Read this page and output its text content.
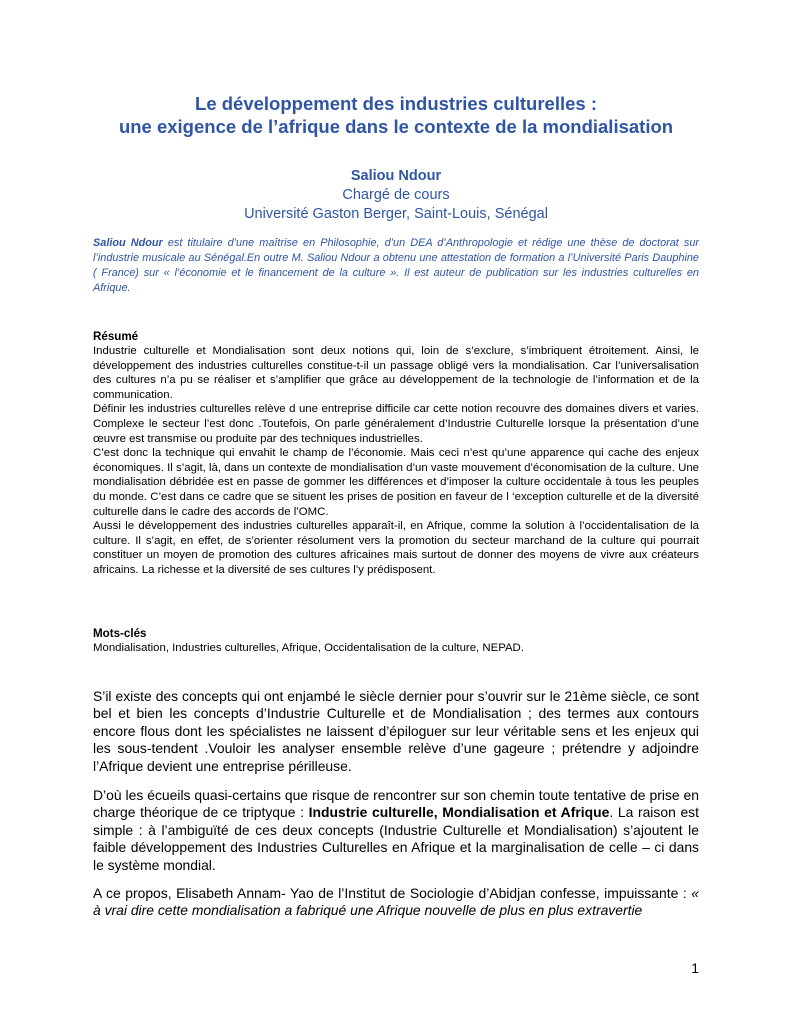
Le développement des industries culturelles :
une exigence de l’afrique dans le contexte de la mondialisation

Saliou Ndour

Chargé de cours

Université Gaston Berger, Saint-Louis, Sénégal

Saliou Ndour est titulaire d’une maîtrise en Philosophie, d’un DEA d’Anthropologie et rédige une thèse de doctorat sur l’industrie musicale au Sénégal.En outre M. Saliou Ndour a obtenu une attestation de formation a l’Université Paris Dauphine ( France) sur « l’économie et le financement de la culture ». Il est auteur de publication sur les industries culturelles en Afrique.

Résumé

Industrie culturelle et Mondialisation sont deux notions qui, loin de s’exclure, s’imbriquent étroitement. Ainsi, le développement des industries culturelles constitue-t-il un passage obligé vers la mondialisation. Car l’universalisation des cultures n’a pu se réaliser et s’amplifier que grâce au développement de la technologie de l’information et de la communication.

Définir les industries culturelles relève d une entreprise difficile car cette notion recouvre des domaines divers et varies. Complexe le secteur l’est donc .Toutefois, On parle généralement d’Industrie Culturelle lorsque la présentation d’une œuvre est transmise ou produite par des techniques industrielles.

C’est donc la technique qui envahit le champ de l’économie. Mais ceci n’est qu’une apparence qui cache des enjeux économiques. Il s’agit, là, dans un contexte de mondialisation d’un vaste mouvement d’économisation de la culture. Une mondialisation débridée est en passe de gommer les différences et d’imposer la culture occidentale à tous les peuples du monde. C’est dans ce cadre que se situent les prises de position en faveur de l ‘exception culturelle et de la diversité culturelle dans le cadre des accords de l’OMC.

Aussi le développement des industries culturelles apparaît-il, en Afrique, comme la solution à l’occidentalisation de la culture. Il s’agit, en effet, de s’orienter résolument vers la promotion du secteur marchand de la culture qui pourrait constituer un moyen de promotion des cultures africaines mais surtout de donner des moyens de vivre aux créateurs africains. La richesse et la diversité de ses cultures l’y prédisposent.

Mots-clés

Mondialisation, Industries culturelles, Afrique, Occidentalisation de la culture, NEPAD.

S’il existe des concepts qui ont enjambé le siècle dernier pour s’ouvrir sur le 21ème siècle, ce sont bel et bien les concepts d’Industrie Culturelle et de Mondialisation ; des termes aux contours encore flous dont les spécialistes ne laissent d’épiloguer sur leur véritable sens et les enjeux qui les sous-tendent .Vouloir les analyser ensemble relève d’une gageure ; prétendre y adjoindre l’Afrique devient une entreprise périlleuse.

D’où les écueils quasi-certains que risque de rencontrer sur son chemin toute tentative de prise en charge théorique de ce triptyque : Industrie culturelle, Mondialisation et Afrique. La raison est simple : à l’ambiguïté de ces deux concepts (Industrie Culturelle et Mondialisation) s’ajoutent le faible développement des Industries Culturelles en Afrique et la marginalisation de celle – ci dans le système mondial.

A ce propos, Elisabeth Annam- Yao de l’Institut de Sociologie d’Abidjan confesse, impuissante : « à vrai dire cette mondialisation a fabriqué une Afrique nouvelle de plus en plus extravertie

1
